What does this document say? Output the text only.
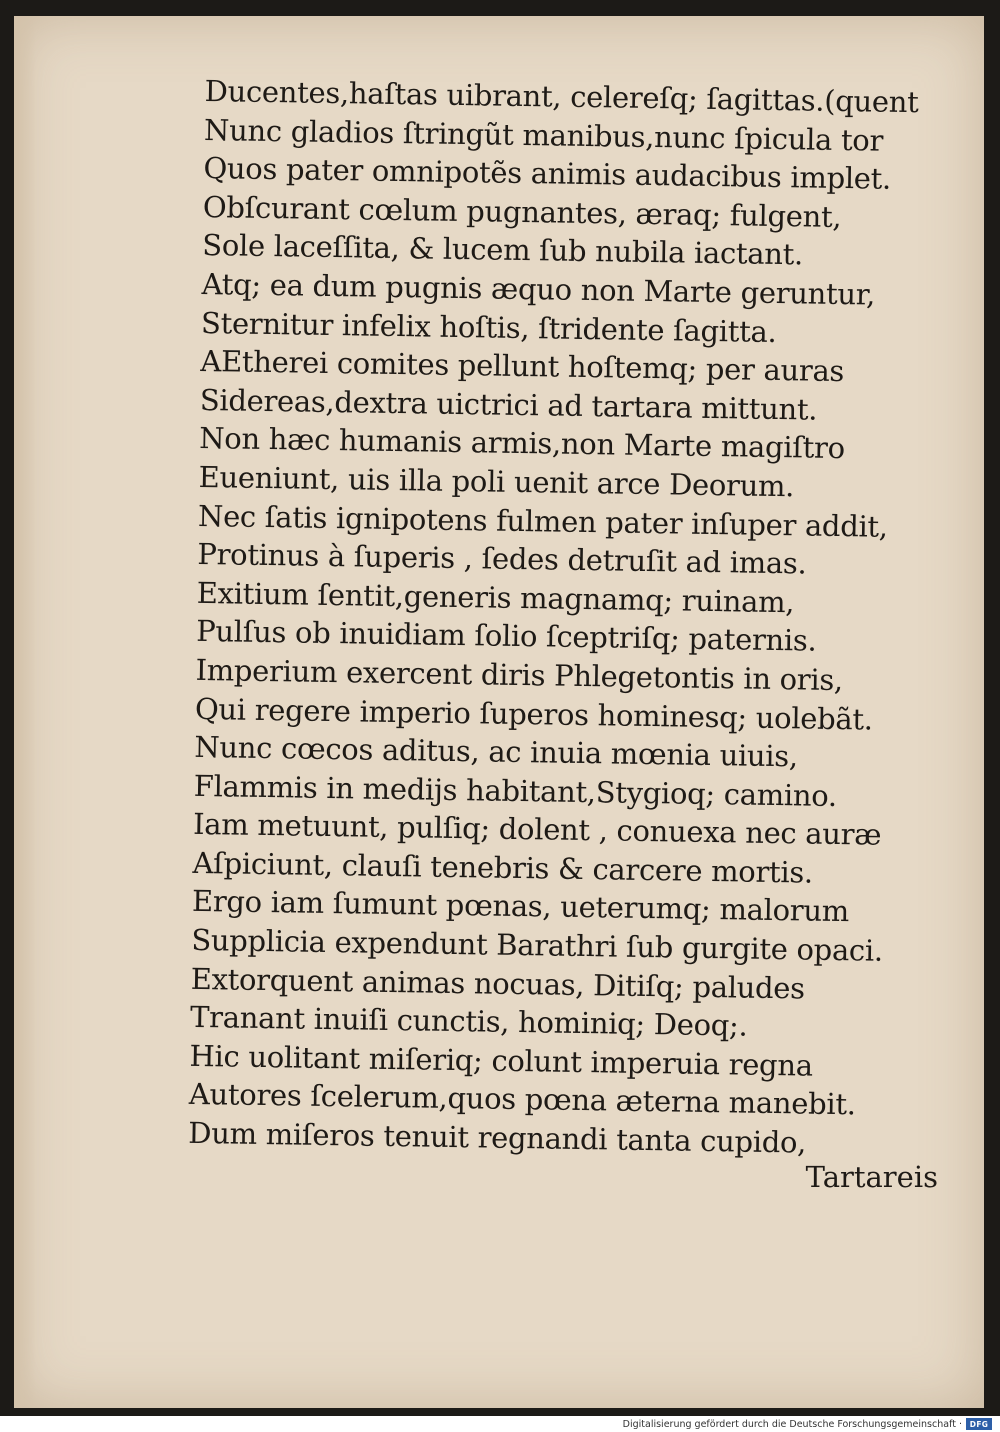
Ducentes,haſtas uibrant, celereſq; ſagittas.(quent
Nunc gladios ſtringũt manibus,nunc ſpicula tor
Quos pater omnipotẽs animis audacibus implet.
Obſcurant cœlum pugnantes, æraq; fulgent,
Sole laceſſita, & lucem ſub nubila iactant.
Atq; ea dum pugnis æquo non Marte geruntur,
Sternitur infelix hoſtis, ſtridente ſagitta.
AEtherei comites pellunt hoſtemq; per auras
Sidereas,dextra uictrici ad tartara mittunt.
Non hæc humanis armis,non Marte magiſtro
Eueniunt, uis illa poli uenit arce Deorum.
Nec ſatis ignipotens fulmen pater inſuper addit,
Protinus à ſuperis , ſedes detruſit ad imas.
Exitium ſentit,generis magnamq; ruinam,
Pulſus ob inuidiam ſolio ſceptriſq; paternis.
Imperium exercent diris Phlegetontis in oris,
Qui regere imperio ſuperos hominesq; uolebãt.
Nunc cœcos aditus, ac inuia mœnia uiuis,
Flammis in medijs habitant,Stygioq; camino.
Iam metuunt, pulſiq; dolent , conuexa nec auræ
Aſpiciunt, clauſi tenebris & carcere mortis.
Ergo iam ſumunt pœnas, ueterumq; malorum
Supplicia expendunt Barathri ſub gurgite opaci.
Extorquent animas nocuas, Ditiſq; paludes
Tranant inuiſi cunctis, hominiq; Deoq;.
Hic uolitant miſeriq; colunt imperuia regna
Autores ſcelerum,quos pœna æterna manebit.
Dum miſeros tenuit regnandi tanta cupido,
Tartareis
Digitalisierung gefördert durch die Deutsche Forschungsgemeinschaft · DFG
